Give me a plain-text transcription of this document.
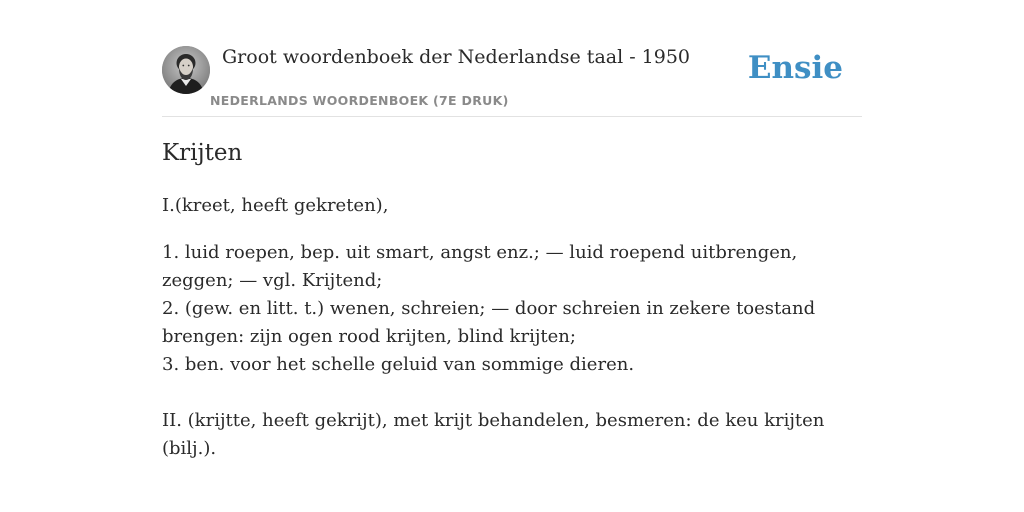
Groot woordenboek der Nederlandse taal - 1950
NEDERLANDS WOORDENBOEK (7E DRUK)
Ensie
Krijten

I.(kreet, heeft gekreten),

1. luid roepen, bep. uit smart, angst enz.; — luid roepend uitbrengen, zeggen; — vgl. Krijtend;
2. (gew. en litt. t.) wenen, schreien; — door schreien in zekere toestand brengen: zijn ogen rood krijten, blind krijten;
3. ben. voor het schelle geluid van sommige dieren.
II. (krijtte, heeft gekrijt), met krijt behandelen, besmeren: de keu krijten (bilj.).
